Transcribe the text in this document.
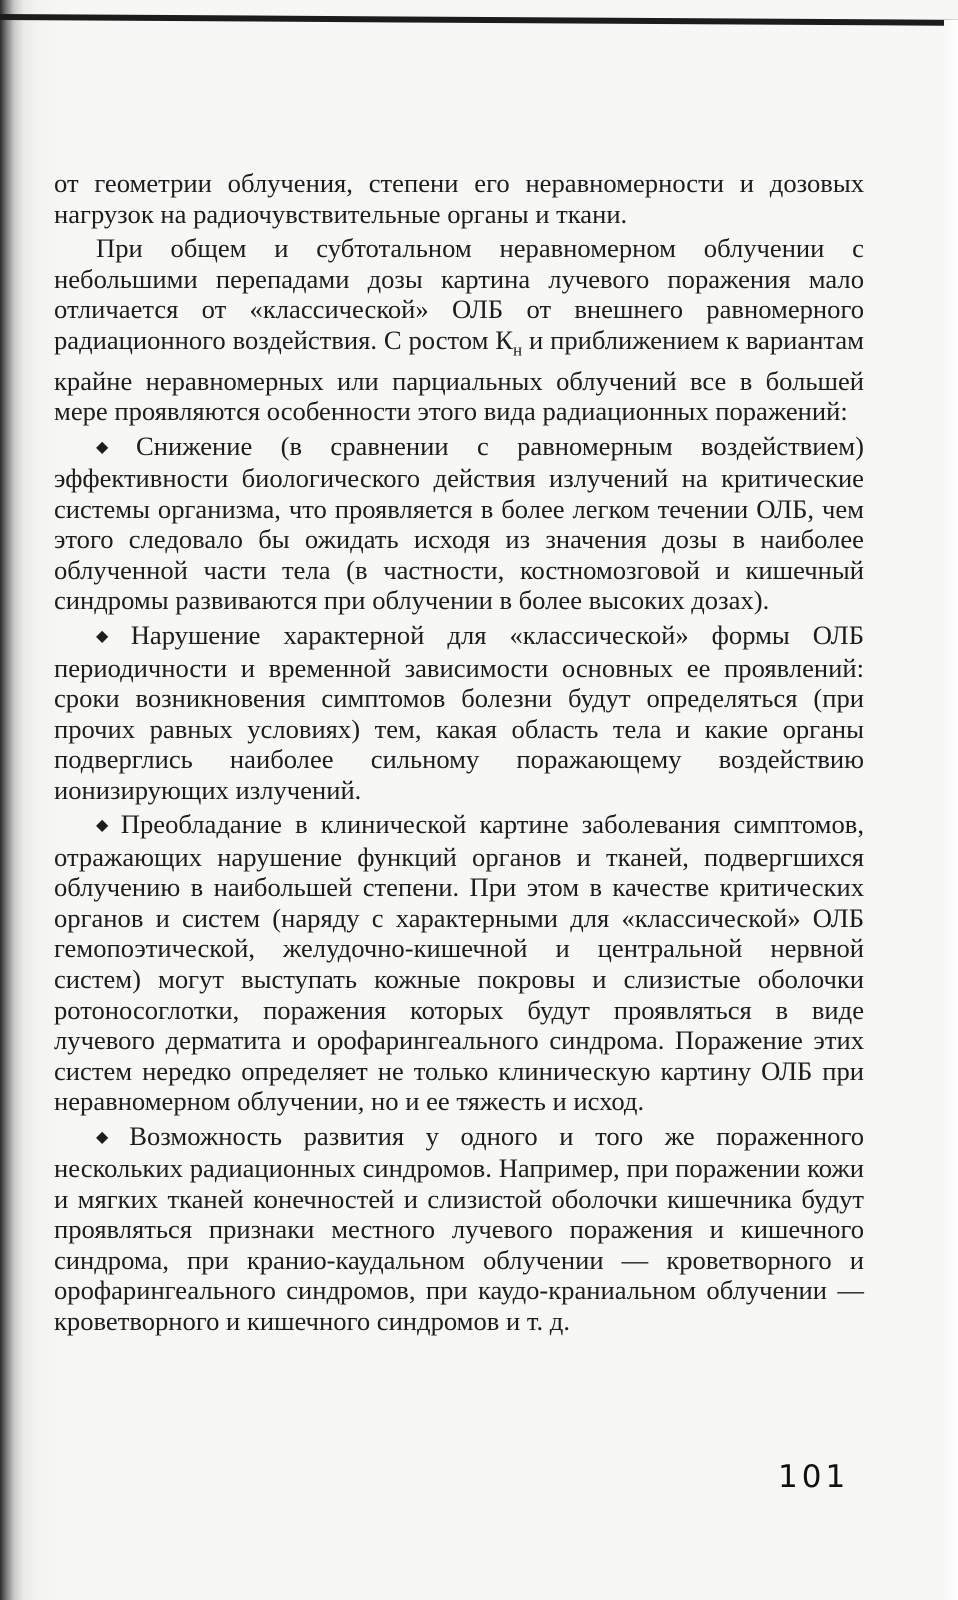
от геометрии облучения, степени его неравномерности и дозовых нагрузок на радиочувствительные органы и ткани.

При общем и субтотальном неравномерном облучении с небольшими перепадами дозы картина лучевого поражения мало отличается от «классической» ОЛБ от внешнего равномерного радиационного воздействия. С ростом $К_н$ и приближением к вариантам крайне неравномерных или парциальных облучений все в большей мере проявляются особенности этого вида радиационных поражений:

◆ Снижение (в сравнении с равномерным воздействием) эффективности биологического действия излучений на критические системы организма, что проявляется в более легком течении ОЛБ, чем этого следовало бы ожидать исходя из значения дозы в наиболее облученной части тела (в частности, костномозговой и кишечный синдромы развиваются при облучении в более высоких дозах).

◆ Нарушение характерной для «классической» формы ОЛБ периодичности и временной зависимости основных ее проявлений: сроки возникновения симптомов болезни будут определяться (при прочих равных условиях) тем, какая область тела и какие органы подверглись наиболее сильному поражающему воздействию ионизирующих излучений.

◆ Преобладание в клинической картине заболевания симптомов, отражающих нарушение функций органов и тканей, подвергшихся облучению в наибольшей степени. При этом в качестве критических органов и систем (наряду с характерными для «классической» ОЛБ гемопоэтической, желудочно-кишечной и центральной нервной систем) могут выступать кожные покровы и слизистые оболочки ротоносоглотки, поражения которых будут проявляться в виде лучевого дерматита и орофарингеального синдрома. Поражение этих систем нередко определяет не только клиническую картину ОЛБ при неравномерном облучении, но и ее тяжесть и исход.

◆ Возможность развития у одного и того же пораженного нескольких радиационных синдромов. Например, при поражении кожи и мягких тканей конечностей и слизистой оболочки кишечника будут проявляться признаки местного лучевого поражения и кишечного синдрома, при кранио-каудальном облучении — кроветворного и орофарингеального синдромов, при каудо-краниальном облучении — кроветворного и кишечного синдромов и т. д.

101
